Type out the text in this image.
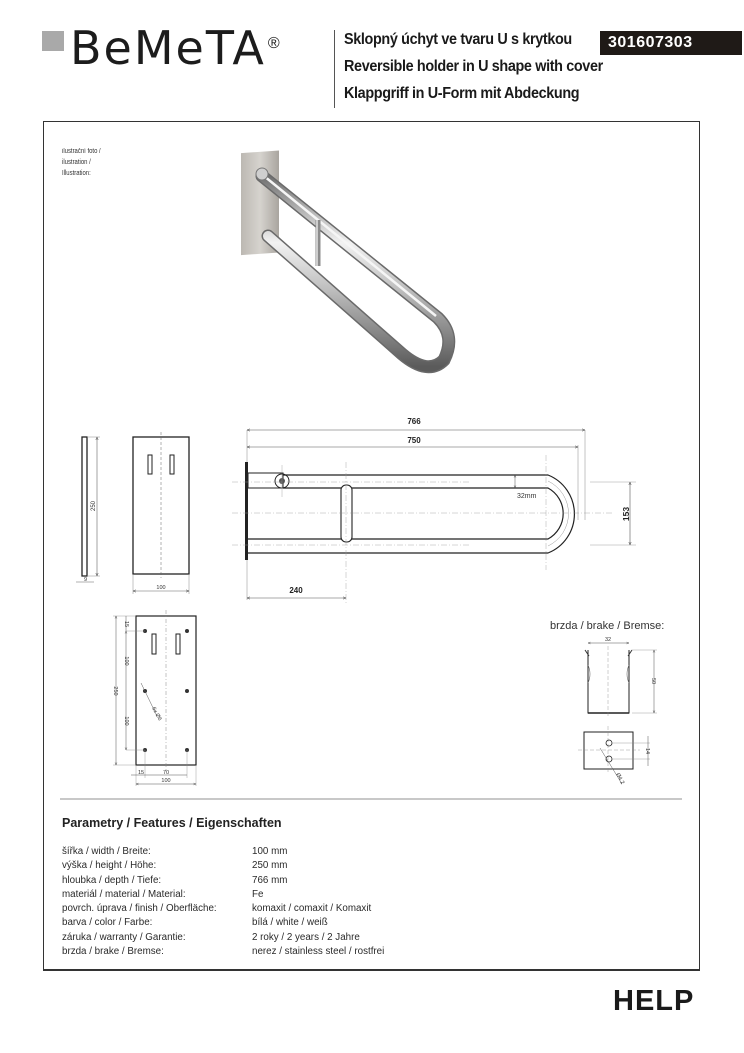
BeMeTA ®	Sklopný úchyt ve tvaru U s krytkou
Reversible holder in U shape with cover
Klappgriff in U-Form mit Abdeckung
301607303
ilustrační foto /
ilustration /
Illustration:
250
9
100
766
750
32mm
153
240
6x Ø6
250
15
100
100
15	70
100
32
50
14
Ø4.2
brzda / brake / Bremse:
Parametry / Features / Eigenschaften
šířka / width / Breite:	100 mm
výška / height / Höhe:	250 mm
hloubka / depth / Tiefe:	766 mm
materiál / material / Material:	Fe
povrch. úprava / finish / Oberfläche:	komaxit / comaxit / Komaxit
barva / color / Farbe:	bílá / white / weiß
záruka / warranty / Garantie:	2 roky / 2 years / 2 Jahre
brzda / brake / Bremse:	nerez / stainless steel / rostfrei
HELP
